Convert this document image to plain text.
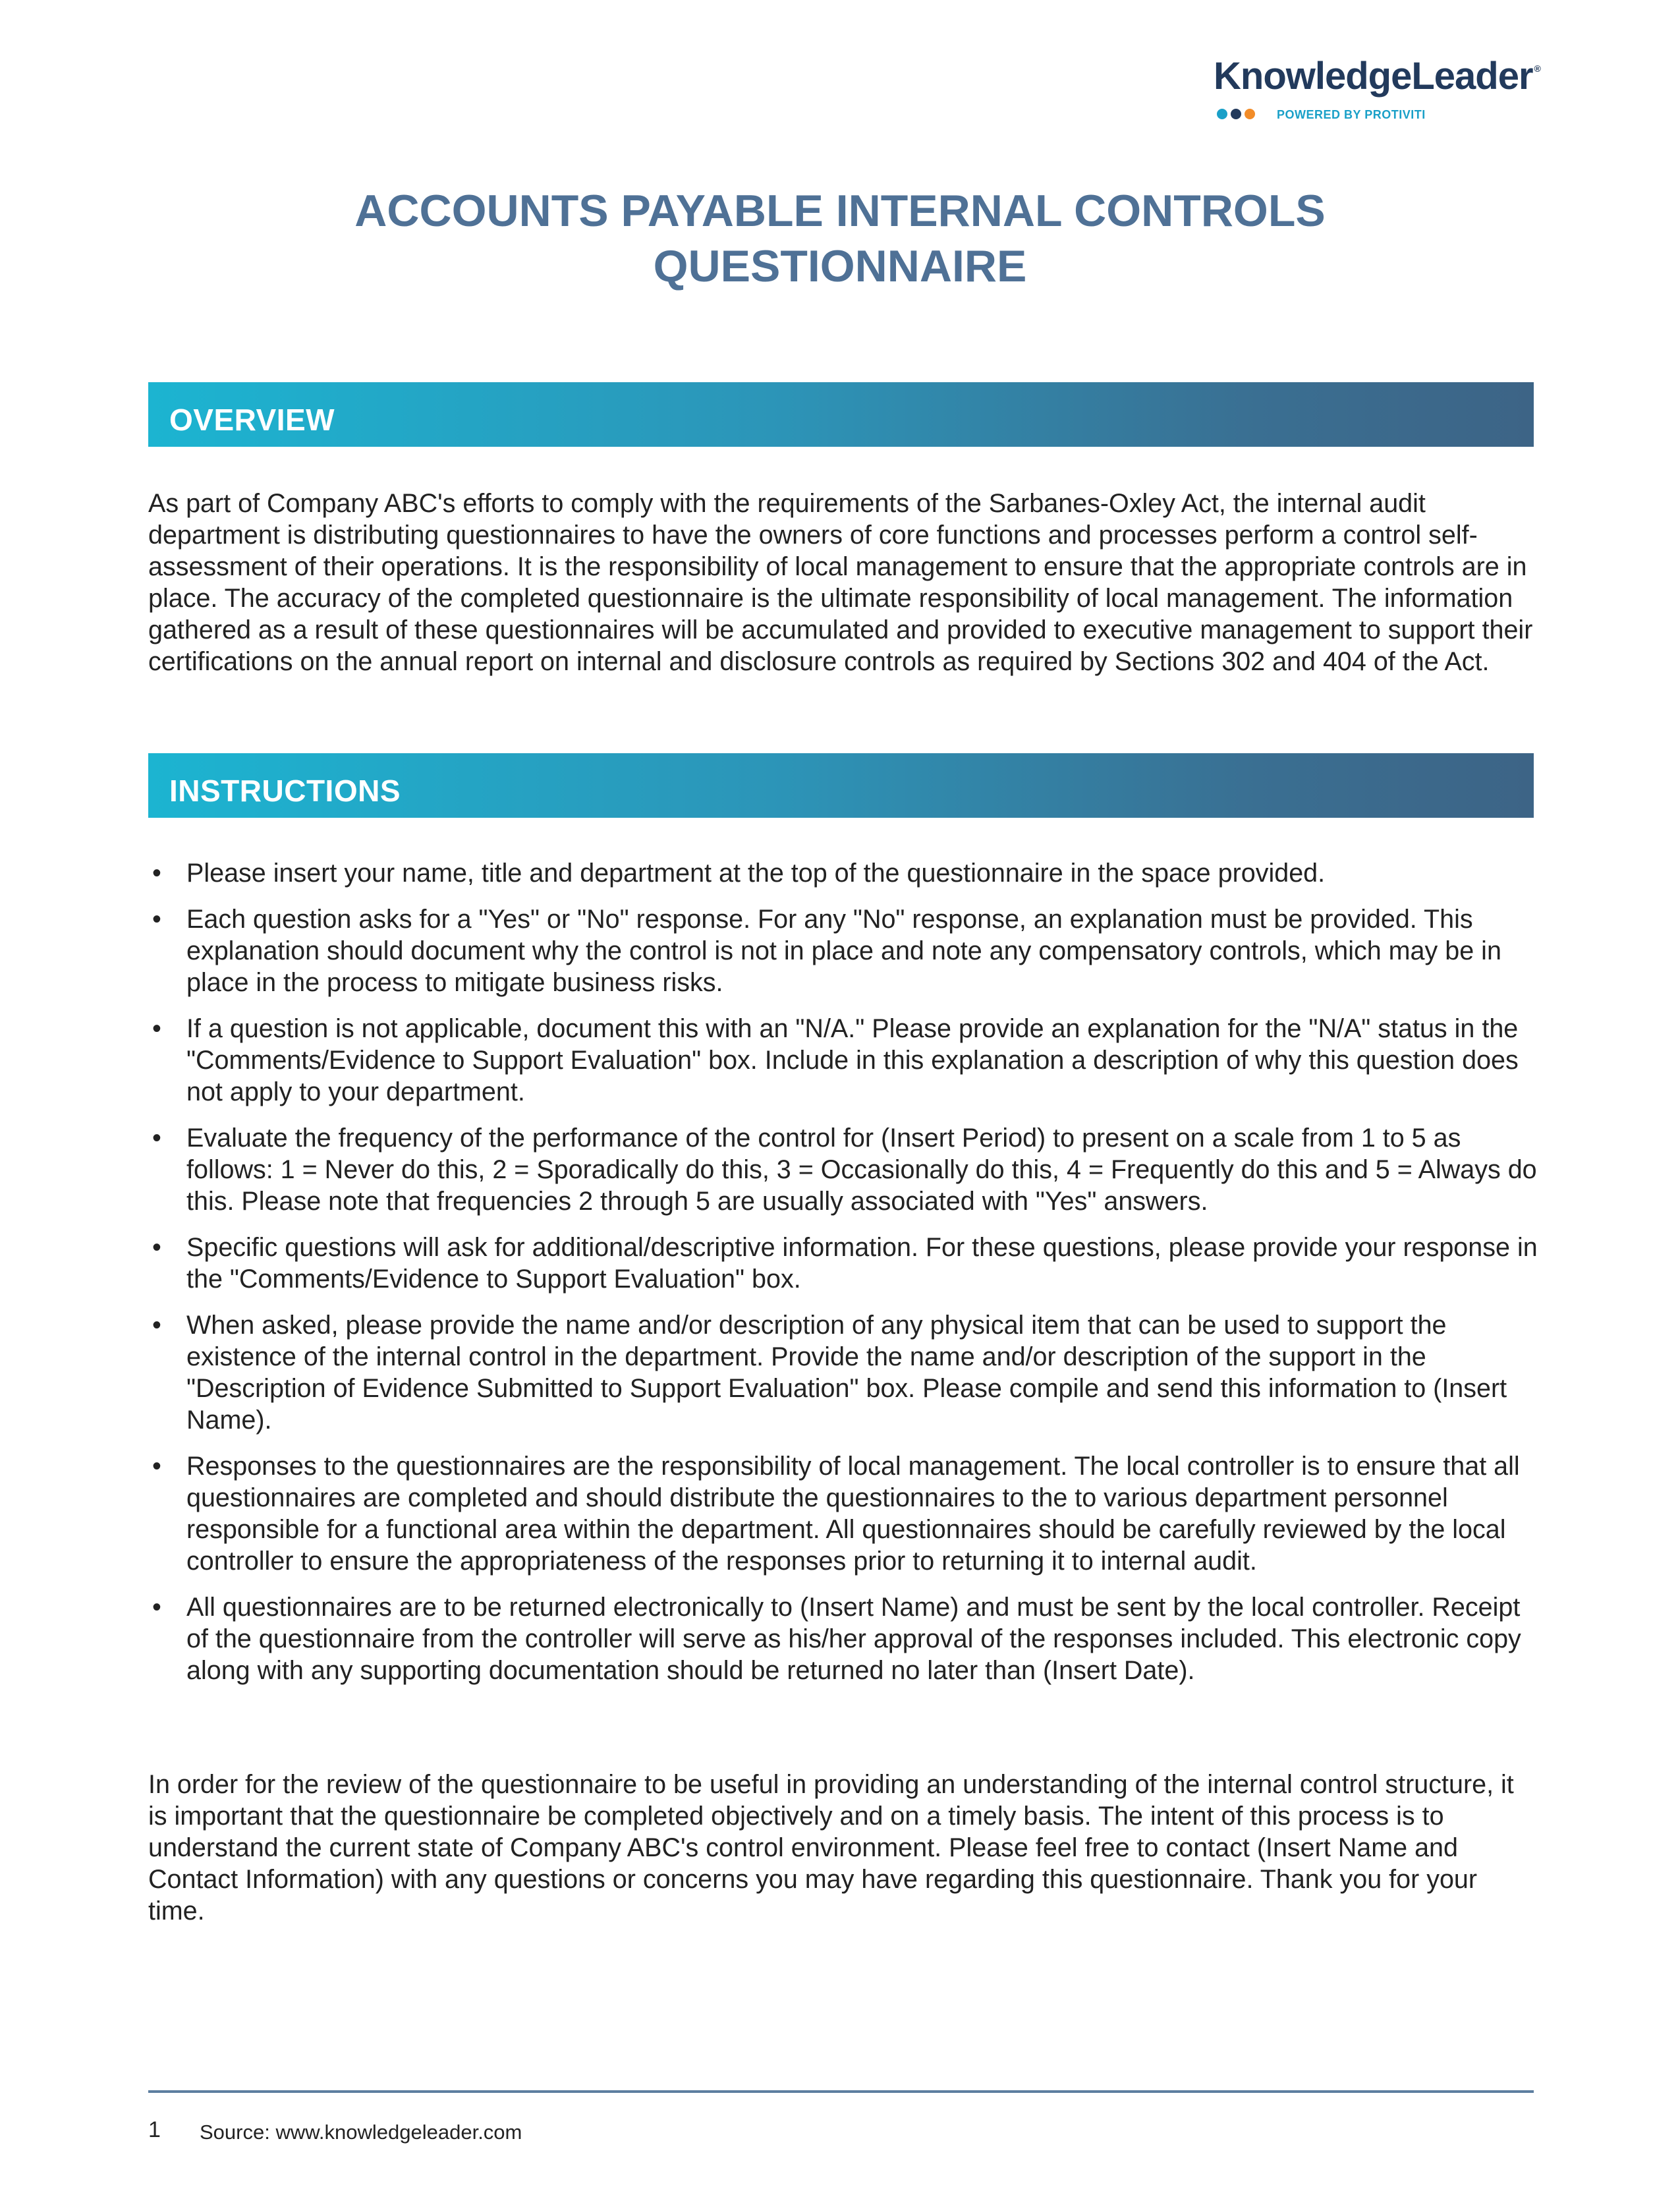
KnowledgeLeader ®
POWERED BY PROTIVITI
ACCOUNTS PAYABLE INTERNAL CONTROLS
QUESTIONNAIRE
OVERVIEW
As part of Company ABC's efforts to comply with the requirements of the Sarbanes-Oxley Act, the internal audit department is distributing questionnaires to have the owners of core functions and processes perform a control self-assessment of their operations. It is the responsibility of local management to ensure that the appropriate controls are in place. The accuracy of the completed questionnaire is the ultimate responsibility of local management. The information gathered as a result of these questionnaires will be accumulated and provided to executive management to support their certifications on the annual report on internal and disclosure controls as required by Sections 302 and 404 of the Act.
INSTRUCTIONS
• Please insert your name, title and department at the top of the questionnaire in the space provided.
• Each question asks for a "Yes" or "No" response. For any "No" response, an explanation must be provided. This explanation should document why the control is not in place and note any compensatory controls, which may be in place in the process to mitigate business risks.
• If a question is not applicable, document this with an "N/A." Please provide an explanation for the "N/A" status in the "Comments/Evidence to Support Evaluation" box. Include in this explanation a description of why this question does not apply to your department.
• Evaluate the frequency of the performance of the control for (Insert Period) to present on a scale from 1 to 5 as follows: 1 = Never do this, 2 = Sporadically do this, 3 = Occasionally do this, 4 = Frequently do this and 5 = Always do this. Please note that frequencies 2 through 5 are usually associated with "Yes" answers.
• Specific questions will ask for additional/descriptive information. For these questions, please provide your response in the "Comments/Evidence to Support Evaluation" box.
• When asked, please provide the name and/or description of any physical item that can be used to support the existence of the internal control in the department. Provide the name and/or description of the support in the "Description of Evidence Submitted to Support Evaluation" box. Please compile and send this information to (Insert Name).
• Responses to the questionnaires are the responsibility of local management. The local controller is to ensure that all questionnaires are completed and should distribute the questionnaires to the to various department personnel responsible for a functional area within the department. All questionnaires should be carefully reviewed by the local controller to ensure the appropriateness of the responses prior to returning it to internal audit.
• All questionnaires are to be returned electronically to (Insert Name) and must be sent by the local controller. Receipt of the questionnaire from the controller will serve as his/her approval of the responses included. This electronic copy along with any supporting documentation should be returned no later than (Insert Date).
In order for the review of the questionnaire to be useful in providing an understanding of the internal control structure, it is important that the questionnaire be completed objectively and on a timely basis. The intent of this process is to understand the current state of Company ABC's control environment. Please feel free to contact (Insert Name and Contact Information) with any questions or concerns you may have regarding this questionnaire. Thank you for your time.
1 Source: www.knowledgeleader.com
